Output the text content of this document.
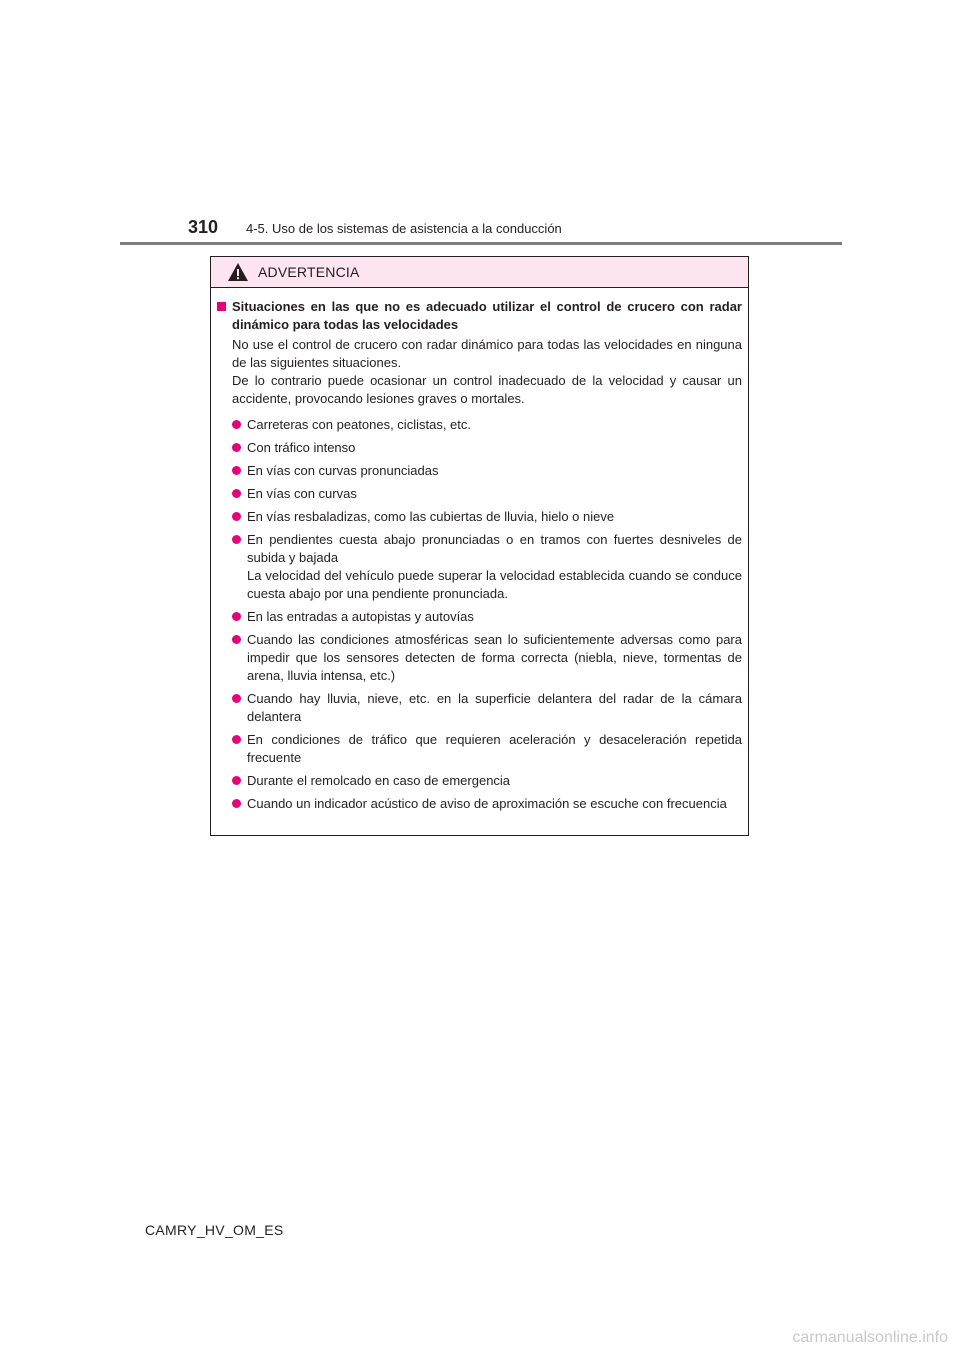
310 4-5. Uso de los sistemas de asistencia a la conducción
ADVERTENCIA
Situaciones en las que no es adecuado utilizar el control de crucero con radar dinámico para todas las velocidades
No use el control de crucero con radar dinámico para todas las velocidades en ninguna de las siguientes situaciones.
De lo contrario puede ocasionar un control inadecuado de la velocidad y causar un accidente, provocando lesiones graves o mortales.
Carreteras con peatones, ciclistas, etc.
Con tráfico intenso
En vías con curvas pronunciadas
En vías con curvas
En vías resbaladizas, como las cubiertas de lluvia, hielo o nieve
En pendientes cuesta abajo pronunciadas o en tramos con fuertes desniveles de subida y bajada
La velocidad del vehículo puede superar la velocidad establecida cuando se conduce cuesta abajo por una pendiente pronunciada.
En las entradas a autopistas y autovías
Cuando las condiciones atmosféricas sean lo suficientemente adversas como para impedir que los sensores detecten de forma correcta (niebla, nieve, tormentas de arena, lluvia intensa, etc.)
Cuando hay lluvia, nieve, etc. en la superficie delantera del radar de la cámara delantera
En condiciones de tráfico que requieren aceleración y desaceleración repetida frecuente
Durante el remolcado en caso de emergencia
Cuando un indicador acústico de aviso de aproximación se escuche con frecuencia
CAMRY_HV_OM_ES
carmanualsonline.info
